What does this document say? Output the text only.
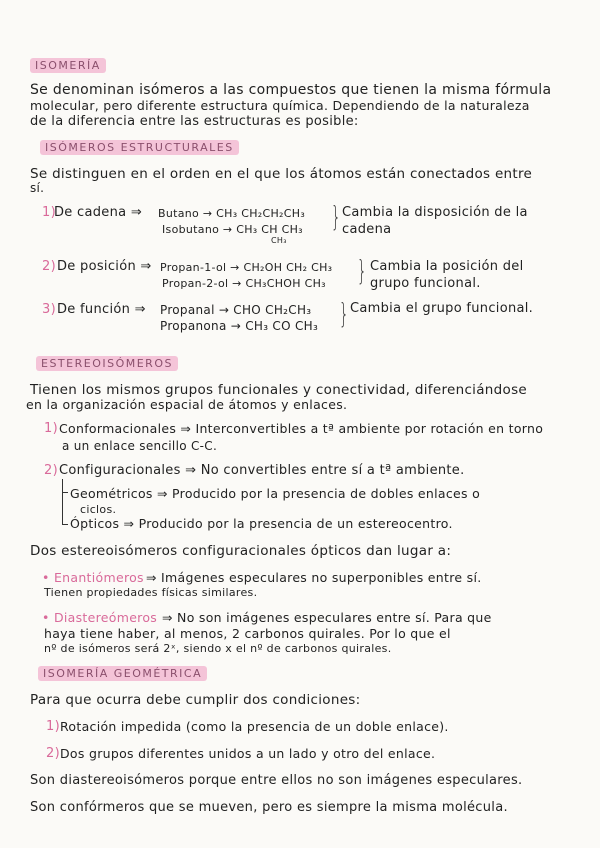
ISOMERÍA
Se denominan isómeros a las compuestos que tienen la misma fórmula
molecular, pero diferente estructura química. Dependiendo de la naturaleza
de la diferencia entre las estructuras es posible:
ISÓMEROS ESTRUCTURALES
Se distinguen en el orden en el que los átomos están conectados entre
sí.
1)
De cadena ⇒ Butano → CH₃ CH₂CH₂CH₃
Isobutano → CH₃ CH CH₃
CH₃
} Cambia la disposición de la
cadena
2) De posición ⇒ Propan-1-ol → CH₂OH CH₂ CH₃
Propan-2-ol → CH₃CHOH CH₃ } Cambia la posición del
grupo funcional.
3) De función ⇒ Propanal → CHO CH₂CH₃
Propanona → CH₃ CO CH₃ } Cambia el grupo funcional.
ESTEREOISÓMEROS
Tienen los mismos grupos funcionales y conectividad, diferenciándose
en la organización espacial de átomos y enlaces.
1) Conformacionales ⇒ Interconvertibles a tª ambiente por rotación en torno
a un enlace sencillo C-C.
2) Configuracionales ⇒ No convertibles entre sí a tª ambiente.
Geométricos ⇒ Producido por la presencia de dobles enlaces o
ciclos.
Ópticos ⇒ Producido por la presencia de un estereocentro.
Dos estereoisómeros configuracionales ópticos dan lugar a:
• Enantiómeros ⇒ Imágenes especulares no superponibles entre sí.
Tienen propiedades físicas similares.
• Diastereómeros ⇒ No son imágenes especulares entre sí. Para que
haya tiene haber, al menos, 2 carbonos quirales. Por lo que el
nº de isómeros será 2ˣ, siendo x el nº de carbonos quirales.
ISOMERÍA GEOMÉTRICA
Para que ocurra debe cumplir dos condiciones:
1) Rotación impedida (como la presencia de un doble enlace).
2) Dos grupos diferentes unidos a un lado y otro del enlace.
Son diastereoisómeros porque entre ellos no son imágenes especulares.
Son confórmeros que se mueven, pero es siempre la misma molécula.
